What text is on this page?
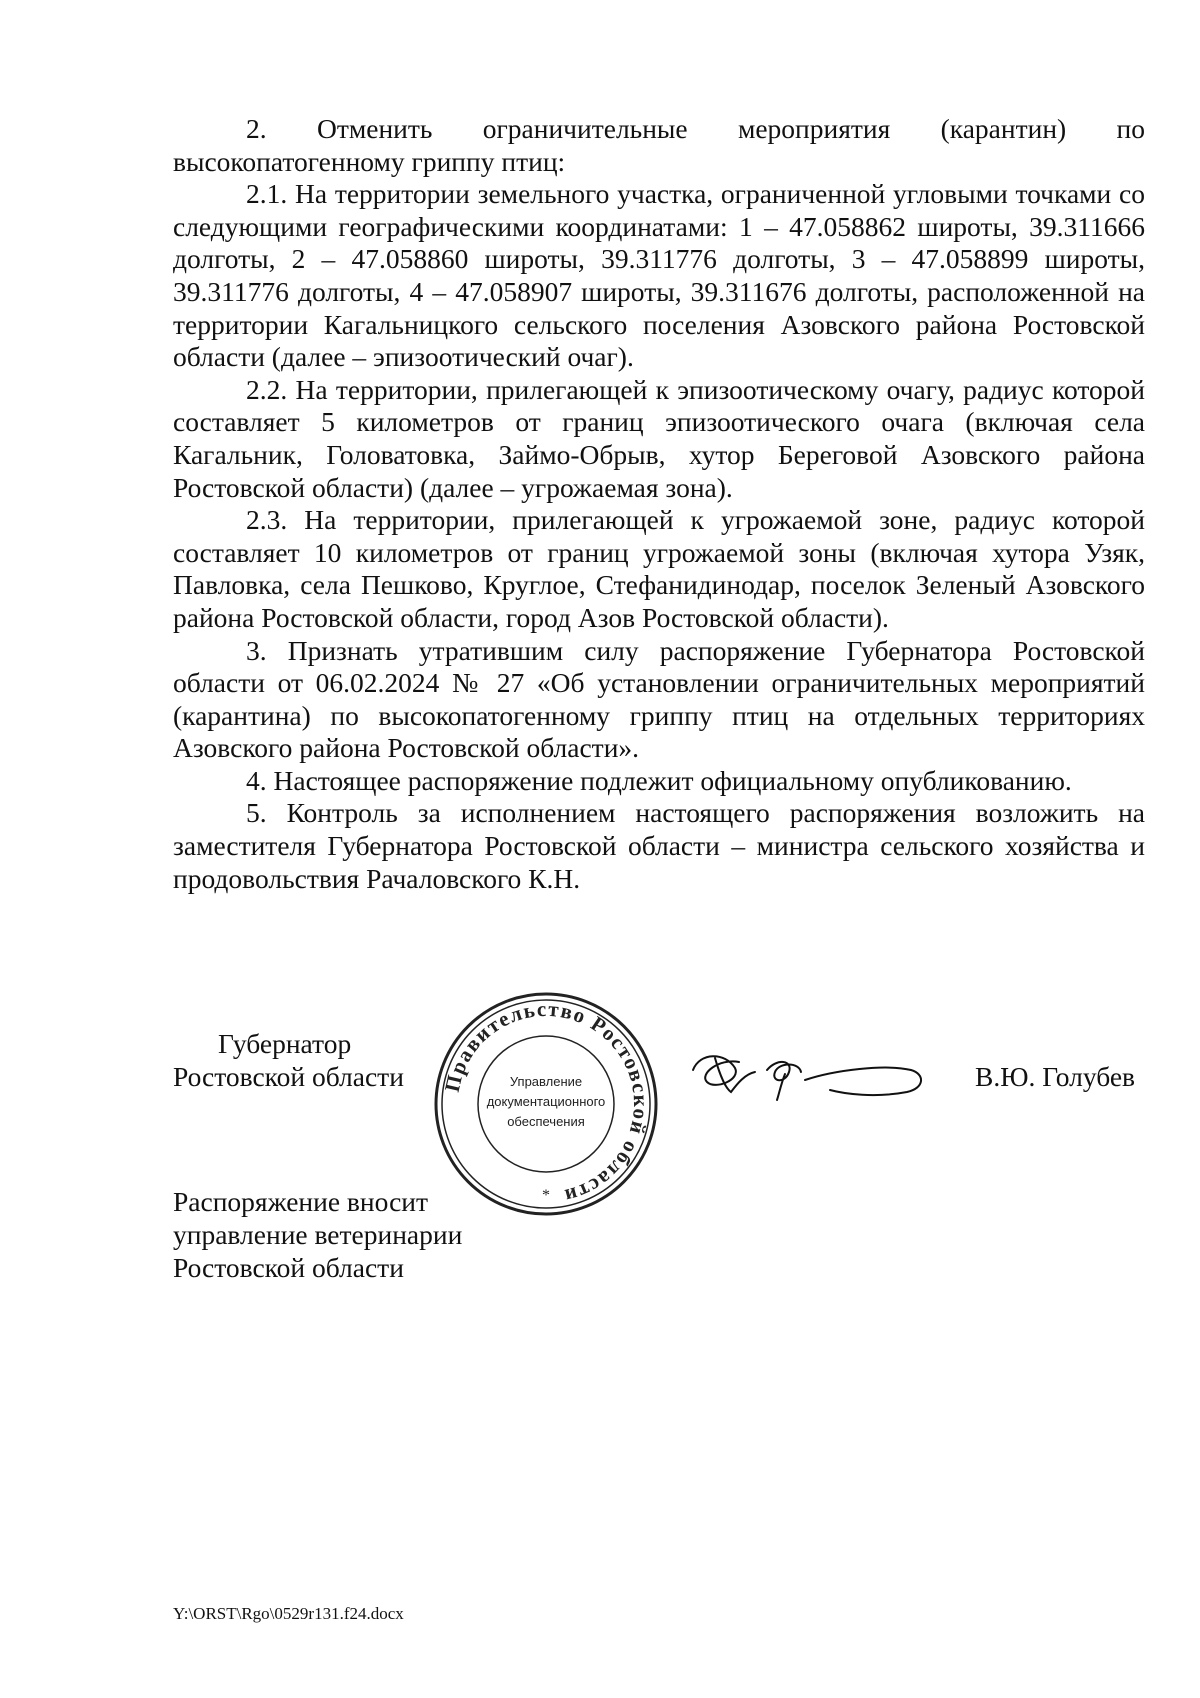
2. Отменить ограничительные мероприятия (карантин) по высокопатогенному гриппу птиц:

2.1. На территории земельного участка, ограниченной угловыми точками со следующими географическими координатами: 1 – 47.058862 широты, 39.311666 долготы, 2 – 47.058860 широты, 39.311776 долготы, 3 – 47.058899 широты, 39.311776 долготы, 4 – 47.058907 широты, 39.311676 долготы, расположенной на территории Кагальницкого сельского поселения Азовского района Ростовской области (далее – эпизоотический очаг).

2.2. На территории, прилегающей к эпизоотическому очагу, радиус которой составляет 5 километров от границ эпизоотического очага (включая села Кагальник, Головатовка, Займо-Обрыв, хутор Береговой Азовского района Ростовской области) (далее – угрожаемая зона).

2.3. На территории, прилегающей к угрожаемой зоне, радиус которой составляет 10 километров от границ угрожаемой зоны (включая хутора Узяк, Павловка, села Пешково, Круглое, Стефанидинодар, поселок Зеленый Азовского района Ростовской области, город Азов Ростовской области).

3. Признать утратившим силу распоряжение Губернатора Ростовской области от 06.02.2024 № 27 «Об установлении ограничительных мероприятий (карантина) по высокопатогенному гриппу птиц на отдельных территориях Азовского района Ростовской области».

4. Настоящее распоряжение подлежит официальному опубликованию.

5. Контроль за исполнением настоящего распоряжения возложить на заместителя Губернатора Ростовской области – министра сельского хозяйства и продовольствия Рачаловского К.Н.

Губернатор
Ростовской области Правительство Ростовской области
Управление
документационного
обеспечения
*
В.Ю. Голубев
Распоряжение вносит
управление ветеринарии
Ростовской области
Y:\ORST\Rgo\0529r131.f24.docx
